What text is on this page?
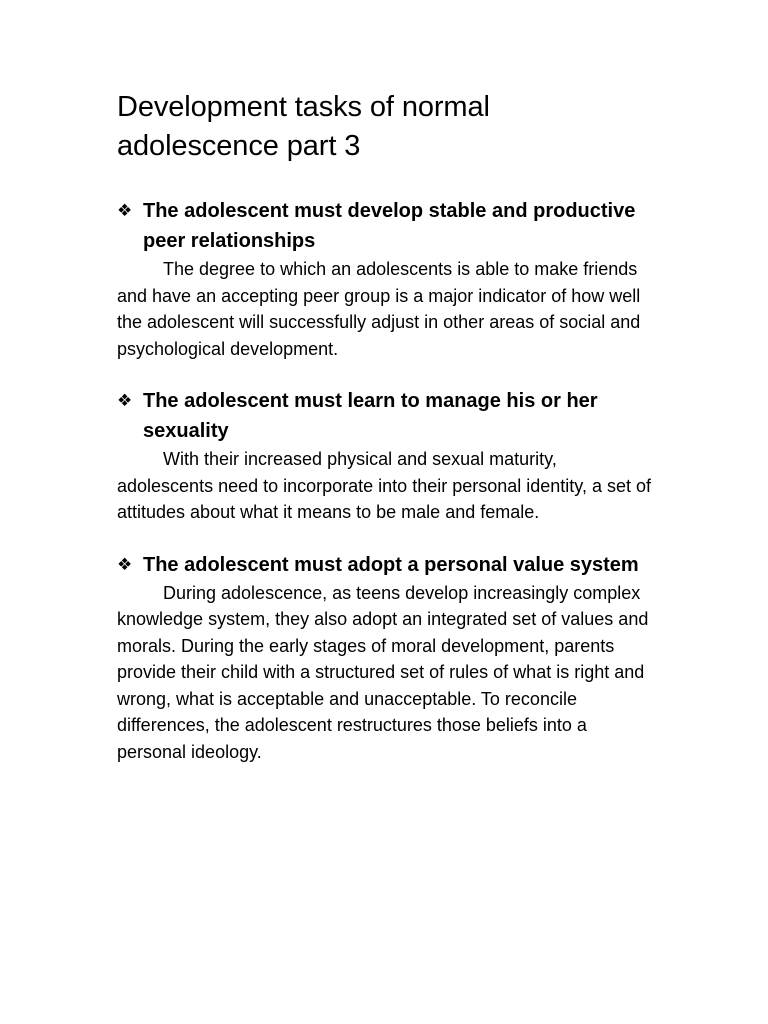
Development tasks of normal adolescence part 3
❖ The adolescent must develop stable and productive peer relationships

The degree to which an adolescents is able to make friends and have an accepting peer group is a major indicator of how well the adolescent will successfully adjust in other areas of social and psychological development.

❖ The adolescent must learn to manage his or her sexuality

With their increased physical and sexual maturity, adolescents need to incorporate into their personal identity, a set of attitudes about what it means to be male and female.

❖ The adolescent must adopt a personal value system

During adolescence, as teens develop increasingly complex knowledge system, they also adopt an integrated set of values and morals. During the early stages of moral development, parents provide their child with a structured set of rules of what is right and wrong, what is acceptable and unacceptable. To reconcile differences, the adolescent restructures those beliefs into a personal ideology.
